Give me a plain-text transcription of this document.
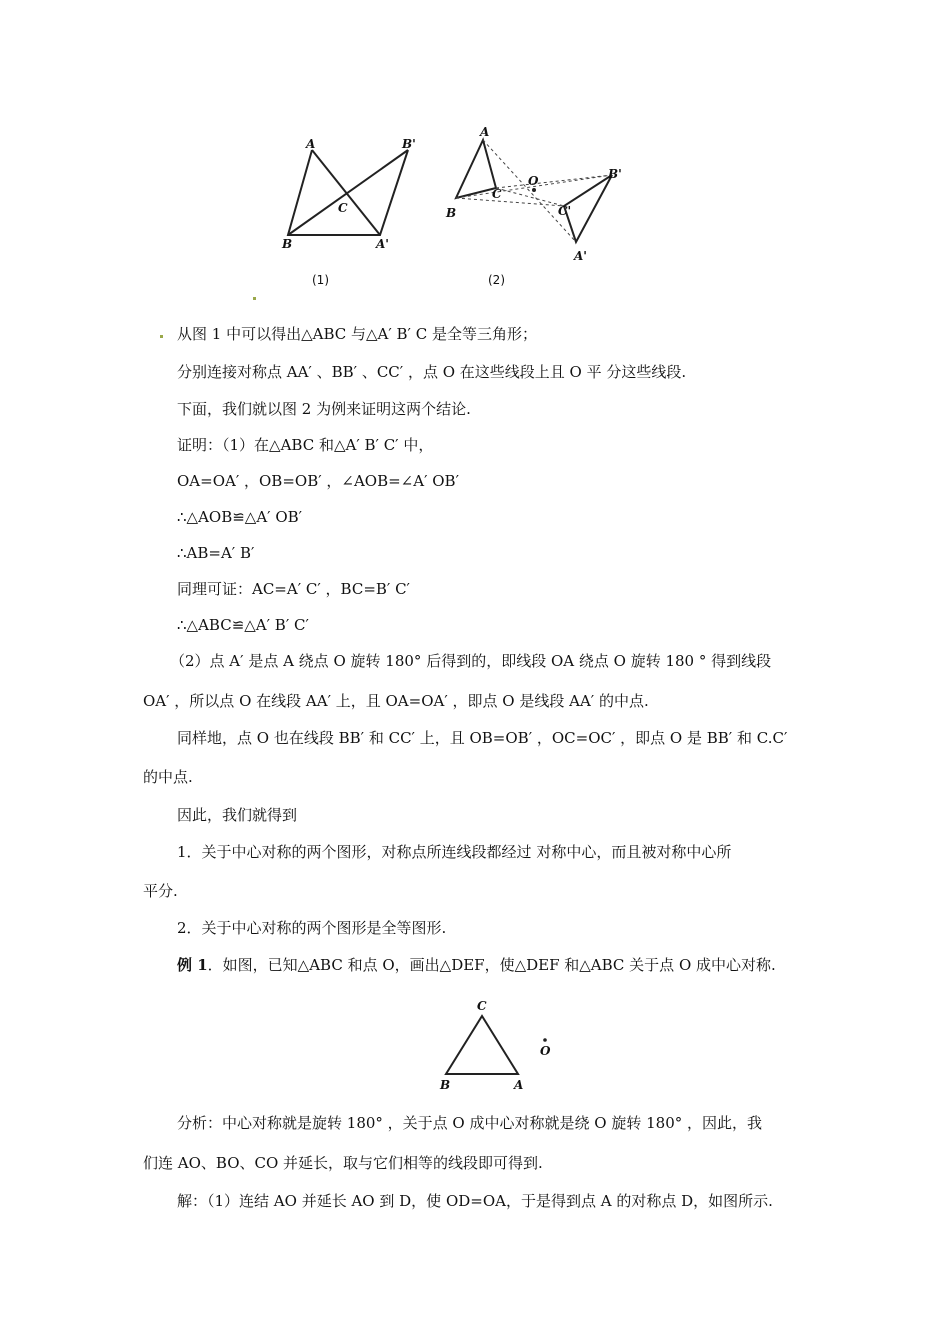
A
B
C
B'
A'
A
B
C
O
C'
B'
A'
(1)	(2)
从图 1 中可以得出△ABC 与△A′ B′ C 是全等三角形；
分别连接对称点 AA′ 、BB′ 、CC′ ，点 O 在这些线段上且 O 平 分这些线段.
下面，我们就以图 2 为例来证明这两个结论.
证明：（1）在△ABC 和△A′ B′ C′ 中，
OA=OA′ ，OB=OB′ ，∠AOB=∠A′ OB′
∴△AOB≌△A′ OB′
∴AB=A′ B′
同理可证：AC=A′ C′ ，BC=B′ C′
∴△ABC≌△A′ B′ C′
（2）点 A′ 是点 A 绕点 O 旋转 180° 后得到的，即线段 OA 绕点 O 旋转 180 ° 得到线段
OA′ ，所以点 O 在线段 AA′ 上，且 OA=OA′ ，即点 O 是线段 AA′ 的中点.
同样地，点 O 也在线段 BB′ 和 CC′ 上，且 OB=OB′ ，OC=OC′ ，即点 O 是 BB′ 和 C.C′
的中点.
因此，我们就得到
1．关于中心对称的两个图形，对称点所连线段都经过 对称中心，而且被对称中心所
平分.
2．关于中心对称的两个图形是全等图形.
例 1．如图，已知△ABC 和点 O，画出△DEF，使△DEF 和△ABC 关于点 O 成中心对称.
C
B	A
O
分析：中心对称就是旋转 180° ，关于点 O 成中心对称就是绕 O 旋转 180° ，因此，我
们连 AO、BO、CO 并延长，取与它们相等的线段即可得到.
解：（1）连结 AO 并延长 AO 到 D，使 OD=OA，于是得到点 A 的对称点 D，如图所示.
